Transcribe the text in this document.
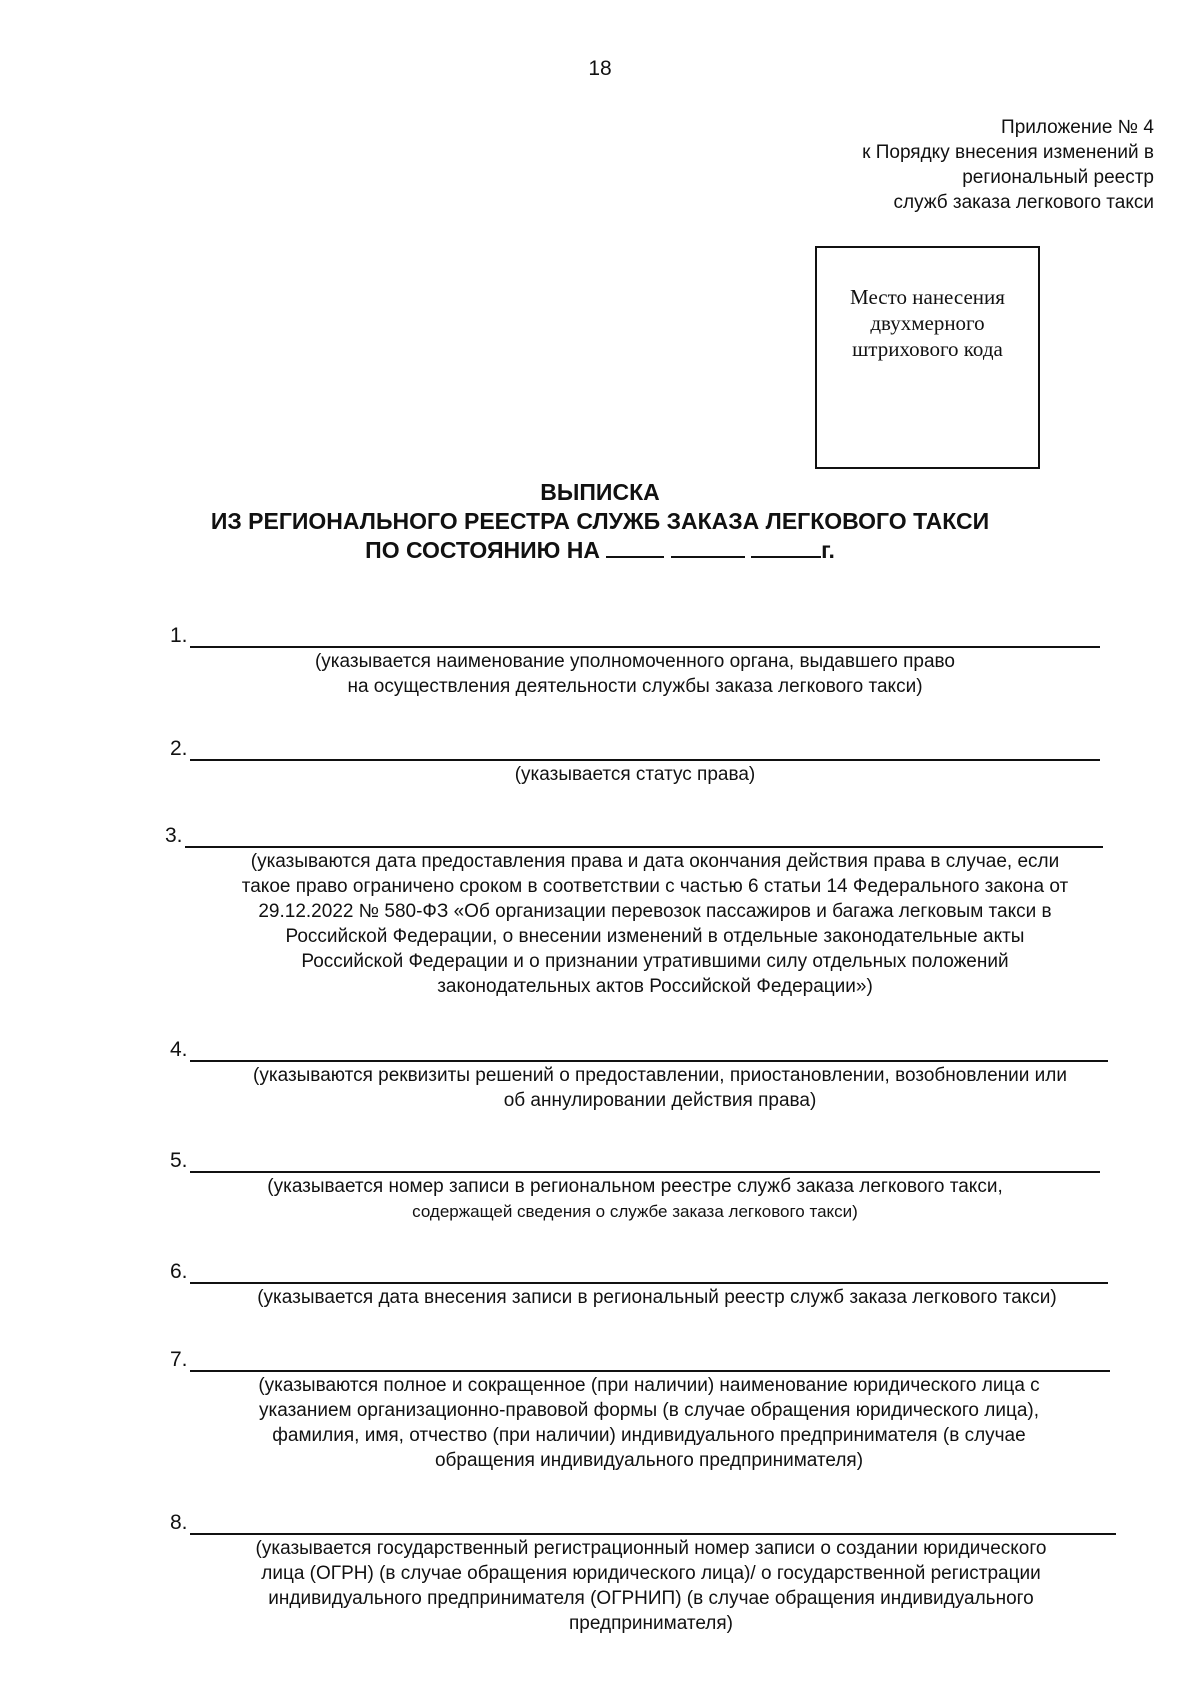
18
Приложение № 4
к Порядку внесения изменений в
региональный реестр
служб заказа легкового такси
Место нанесения
двухмерного
штрихового кода
ВЫПИСКА
ИЗ РЕГИОНАЛЬНОГО РЕЕСТРА СЛУЖБ ЗАКАЗА ЛЕГКОВОГО ТАКСИ
ПО СОСТОЯНИЮ НА	г.
1.
(указывается наименование уполномоченного органа, выдавшего право
на осуществления деятельности службы заказа легкового такси)
2.
(указывается статус права)
3.
(указываются дата предоставления права и дата окончания действия права в случае, если
такое право ограничено сроком в соответствии с частью 6 статьи 14 Федерального закона от
29.12.2022 № 580-ФЗ «Об организации перевозок пассажиров и багажа легковым такси в
Российской Федерации, о внесении изменений в отдельные законодательные акты
Российской Федерации и о признании утратившими силу отдельных положений
законодательных актов Российской Федерации»)
4.
(указываются реквизиты решений о предоставлении, приостановлении, возобновлении или
об аннулировании действия права)
5.
(указывается номер записи в региональном реестре служб заказа легкового такси,
содержащей сведения о службе заказа легкового такси)
6.
(указывается дата внесения записи в региональный реестр служб заказа легкового такси)
7.
(указываются полное и сокращенное (при наличии) наименование юридического лица с
указанием организационно-правовой формы (в случае обращения юридического лица),
фамилия, имя, отчество (при наличии) индивидуального предпринимателя (в случае
обращения индивидуального предпринимателя)
8.
(указывается государственный регистрационный номер записи о создании юридического
лица (ОГРН) (в случае обращения юридического лица)/ о государственной регистрации
индивидуального предпринимателя (ОГРНИП) (в случае обращения индивидуального
предпринимателя)
